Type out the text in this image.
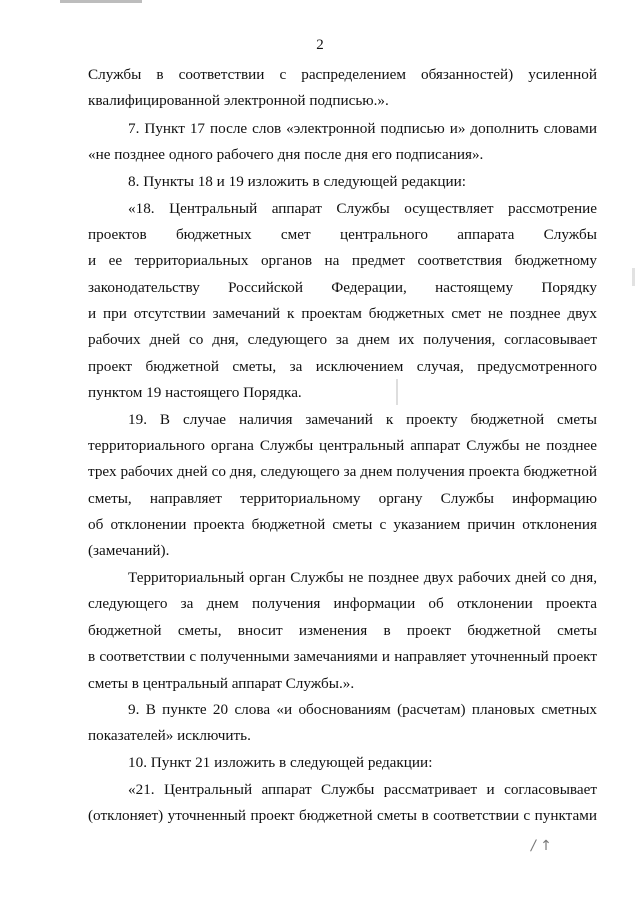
2
Службы в соответствии с распределением обязанностей) усиленной
квалифицированной электронной подписью.».
7. Пункт 17 после слов «электронной подписью и» дополнить словами
«не позднее одного рабочего дня после дня его подписания».
8. Пункты 18 и 19 изложить в следующей редакции:
«18. Центральный аппарат Службы осуществляет рассмотрение
проектов бюджетных смет центрального аппарата Службы
и ее территориальных органов на предмет соответствия бюджетному
законодательству Российской Федерации, настоящему Порядку
и при отсутствии замечаний к проектам бюджетных смет не позднее двух
рабочих дней со дня, следующего за днем их получения, согласовывает
проект бюджетной сметы, за исключением случая, предусмотренного
пунктом 19 настоящего Порядка.
19. В случае наличия замечаний к проекту бюджетной сметы
территориального органа Службы центральный аппарат Службы не позднее
трех рабочих дней со дня, следующего за днем получения проекта бюджетной
сметы, направляет территориальному органу Службы информацию
об отклонении проекта бюджетной сметы с указанием причин отклонения
(замечаний).
Территориальный орган Службы не позднее двух рабочих дней со дня,
следующего за днем получения информации об отклонении проекта
бюджетной сметы, вносит изменения в проект бюджетной сметы
в соответствии с полученными замечаниями и направляет уточненный проект
сметы в центральный аппарат Службы.».
9. В пункте 20 слова «и обоснованиям (расчетам) плановых сметных
показателей» исключить.
10. Пункт 21 изложить в следующей редакции:
«21. Центральный аппарат Службы рассматривает и согласовывает
(отклоняет) уточненный проект бюджетной сметы в соответствии с пунктами
/ ↑
